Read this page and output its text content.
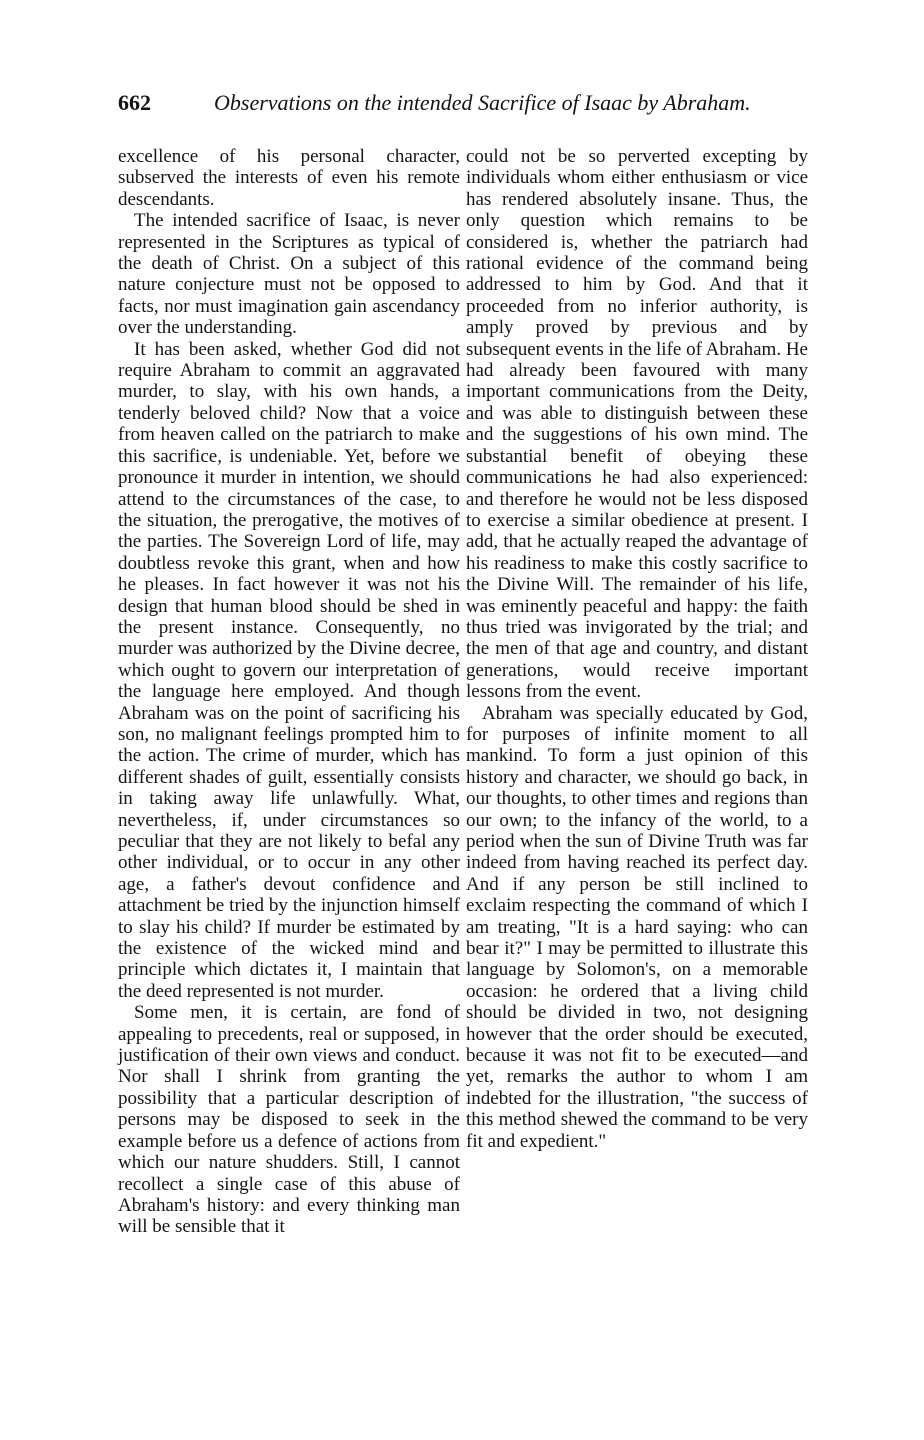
662	Observations on the intended Sacrifice of Isaac by Abraham.

excellence of his personal character, subserved the interests of even his remote descendants.

The intended sacrifice of Isaac, is never represented in the Scriptures as typical of the death of Christ. On a subject of this nature conjecture must not be opposed to facts, nor must imagination gain ascendancy over the understanding.

It has been asked, whether God did not require Abraham to commit an aggravated murder, to slay, with his own hands, a tenderly beloved child? Now that a voice from heaven called on the patriarch to make this sacrifice, is undeniable. Yet, before we pronounce it murder in intention, we should attend to the circumstances of the case, to the situation, the prerogative, the motives of the parties. The Sovereign Lord of life, may doubtless revoke this grant, when and how he pleases. In fact however it was not his design that human blood should be shed in the present instance. Consequently, no murder was authorized by the Divine decree, which ought to govern our interpretation of the language here employed. And though Abraham was on the point of sacrificing his son, no malignant feelings prompted him to the action. The crime of murder, which has different shades of guilt, essentially consists in taking away life unlawfully. What, nevertheless, if, under circumstances so peculiar that they are not likely to befal any other individual, or to occur in any other age, a father's devout confidence and attachment be tried by the injunction himself to slay his child? If murder be estimated by the existence of the wicked mind and principle which dictates it, I maintain that the deed represented is not murder.

Some men, it is certain, are fond of appealing to precedents, real or supposed, in justification of their own views and conduct. Nor shall I shrink from granting the possibility that a particular description of persons may be disposed to seek in the example before us a defence of actions from which our nature shudders. Still, I cannot recollect a single case of this abuse of Abraham's history: and every thinking man will be sensible that it

could not be so perverted excepting by individuals whom either enthusiasm or vice has rendered absolutely insane. Thus, the only question which remains to be considered is, whether the patriarch had rational evidence of the command being addressed to him by God. And that it proceeded from no inferior authority, is amply proved by previous and by subsequent events in the life of Abraham. He had already been favoured with many important communications from the Deity, and was able to distinguish between these and the suggestions of his own mind. The substantial benefit of obeying these communications he had also experienced: and therefore he would not be less disposed to exercise a similar obedience at present. I add, that he actually reaped the advantage of his readiness to make this costly sacrifice to the Divine Will. The remainder of his life, was eminently peaceful and happy: the faith thus tried was invigorated by the trial; and the men of that age and country, and distant generations, would receive important lessons from the event.

Abraham was specially educated by God, for purposes of infinite moment to all mankind. To form a just opinion of this history and character, we should go back, in our thoughts, to other times and regions than our own; to the infancy of the world, to a period when the sun of Divine Truth was far indeed from having reached its perfect day. And if any person be still inclined to exclaim respecting the command of which I am treating, "It is a hard saying: who can bear it?" I may be permitted to illustrate this language by Solomon's, on a memorable occasion: he ordered that a living child should be divided in two, not designing however that the order should be executed, because it was not fit to be executed—and yet, remarks the author to whom I am indebted for the illustration, "the success of this method shewed the command to be very fit and expedient."
